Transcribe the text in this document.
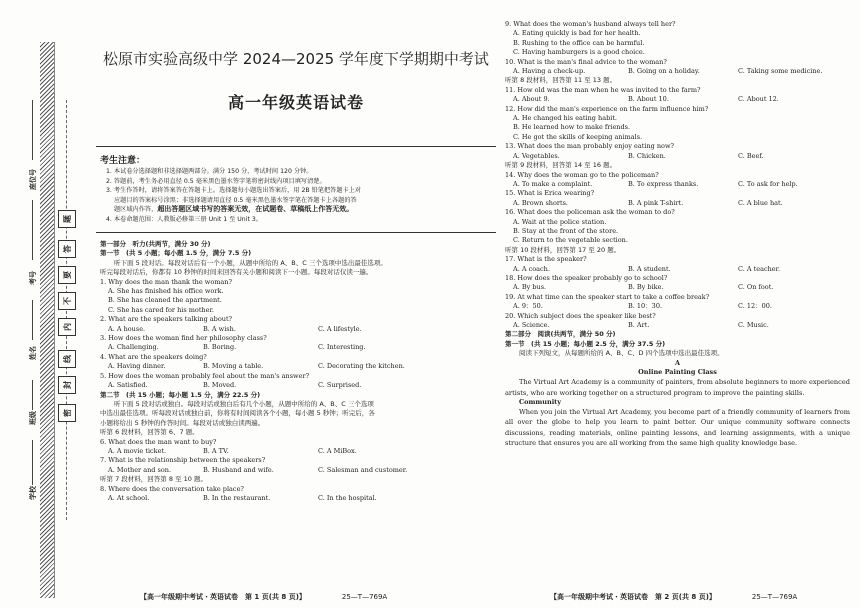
座位号
考号
姓名
班级
学校
题
答
要
不
内
线
封
密
松原市实验高级中学 2024—2025 学年度下学期期中考试
高一年级英语试卷
考生注意：

1. 本试卷分选择题和非选择题两部分。满分 150 分，考试时间 120 分钟。

2. 答题前，考生务必用直径 0.5 毫米黑色墨水签字笔将密封线内项目填写清楚。

3. 考生作答时，请将答案答在答题卡上。选择题每小题选出答案后，用 2B 铅笔把答题卡上对

应题目的答案标号涂黑；非选择题请用直径 0.5 毫米黑色墨水签字笔在答题卡上各题的答

题区域内作答，超出答题区域书写的答案无效，在试题卷、草稿纸上作答无效。

4. 本卷命题范围：人教版必修第三册 Unit 1 至 Unit 3。

第一部分　听力(共两节，满分 30 分)

第一节　(共 5 小题；每小题 1.5 分，满分 7.5 分)

听下面 5 段对话。每段对话后有一个小题，从题中所给的 A、B、C 三个选项中选出最佳选项。

听完每段对话后，你都有 10 秒钟的时间来回答有关小题和阅读下一小题。每段对话仅读一遍。

1. Why does the man thank the woman?

A. She has finished his office work.
B. She has cleaned the apartment.
C. She has cared for his mother.

2. What are the speakers talking about?

A. A house.	B. A wish.	C. A lifestyle.

3. How does the woman find her philosophy class?

A. Challenging.	B. Boring.	C. Interesting.

4. What are the speakers doing?

A. Having dinner.	B. Moving a table.	C. Decorating the kitchen.

5. How does the woman probably feel about the man's answer?

A. Satisfied.	B. Moved.	C. Surprised.

第二节　(共 15 小题；每小题 1.5 分，满分 22.5 分)

听下面 5 段对话或独白。每段对话或独白后有几个小题，从题中所给的 A、B、C 三个选项

中选出最佳选项。听每段对话或独白前，你将有时间阅读各个小题，每小题 5 秒钟；听完后，各

小题将给出 5 秒钟的作答时间。每段对话或独白读两遍。

听第 6 段材料，回答第 6、7 题。

6. What does the man want to buy?

A. A movie ticket.	B. A TV.	C. A MiBox.

7. What is the relationship between the speakers?

A. Mother and son.	B. Husband and wife.	C. Salesman and customer.

听第 7 段材料，回答第 8 至 10 题。

8. Where does the conversation take place?

A. At school.	B. In the restaurant.	C. In the hospital.
【高一年级期中考试・英语试卷　第 1 页(共 8 页)】	25—T—769A

9. What does the woman's husband always tell her?

A. Eating quickly is bad for her health.
B. Rushing to the office can be harmful.
C. Having hamburgers is a good choice.

10. What is the man's final advice to the woman?

A. Having a check-up.	B. Going on a holiday.	C. Taking some medicine.

听第 8 段材料，回答第 11 至 13 题。

11. How old was the man when he was invited to the farm?

A. About 9.	B. About 10.	C. About 12.

12. How did the man's experience on the farm influence him?

A. He changed his eating habit.
B. He learned how to make friends.
C. He got the skills of keeping animals.

13. What does the man probably enjoy eating now?

A. Vegetables.	B. Chicken.	C. Beef.

听第 9 段材料，回答第 14 至 16 题。

14. Why does the woman go to the policeman?

A. To make a complaint.	B. To express thanks.	C. To ask for help.

15. What is Erica wearing?

A. Brown shorts.	B. A pink T-shirt.	C. A blue hat.

16. What does the policeman ask the woman to do?

A. Wait at the police station.
B. Stay at the front of the store.
C. Return to the vegetable section.

听第 10 段材料，回答第 17 至 20 题。

17. What is the speaker?

A. A coach.	B. A student.	C. A teacher.

18. How does the speaker probably go to school?

A. By bus.	B. By bike.	C. On foot.

19. At what time can the speaker start to take a coffee break?

A. 9：50.	B. 10：30.	C. 12：00.

20. Which subject does the speaker like best?

A. Science.	B. Art.	C. Music.

第二部分　阅读(共两节，满分 50 分)

第一节　(共 15 小题；每小题 2.5 分，满分 37.5 分)

阅读下列短文，从每题所给的 A、B、C、D 四个选项中选出最佳选项。

A

Online Painting Class

The Virtual Art Academy is a community of painters, from absolute beginners to more experienced artists, who are working together on a structured program to improve the painting skills.

Community

When you join the Virtual Art Academy, you become part of a friendly community of learners from all over the globe to help you learn to paint better. Our unique community software connects discussions, reading materials, online painting lessons, and learning assignments, with a unique structure that ensures you are all working from the same high quality knowledge base.

【高一年级期中考试・英语试卷　第 2 页(共 8 页)】	25—T—769A
